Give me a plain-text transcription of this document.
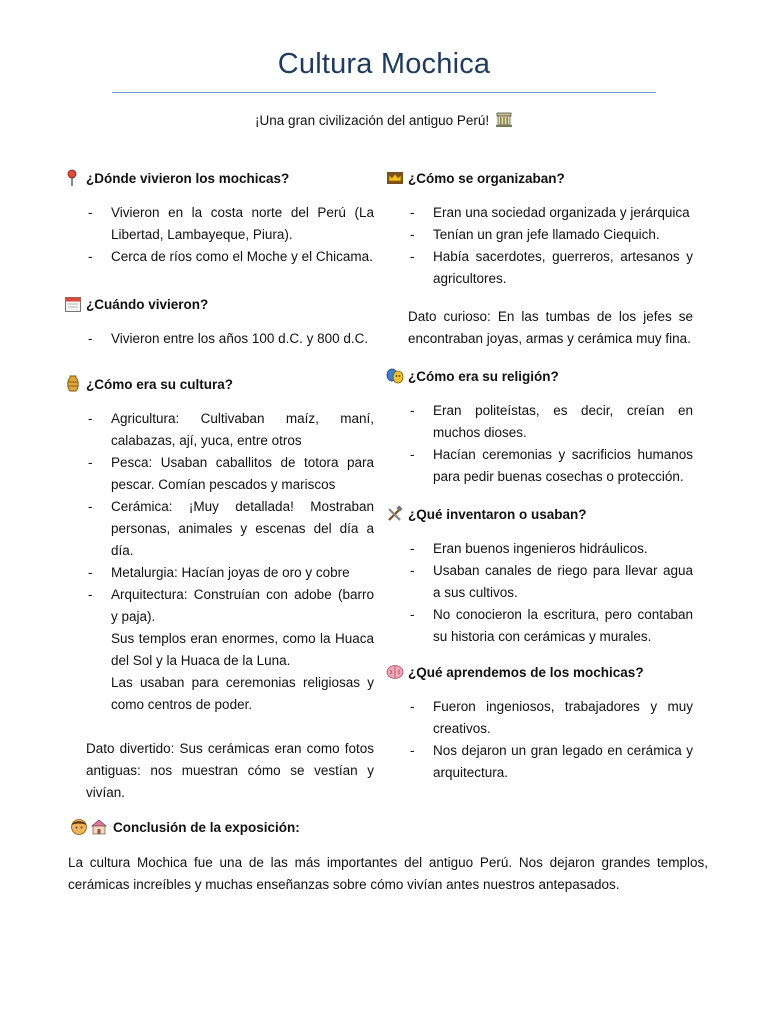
Cultura Mochica
¡Una gran civilización del antiguo Perú!
¿Dónde vivieron los mochicas?
- Vivieron en la costa norte del Perú (La Libertad, Lambayeque, Piura).
- Cerca de ríos como el Moche y el Chicama.
¿Cuándo vivieron?
- Vivieron entre los años 100 d.C. y 800 d.C.
¿Cómo era su cultura?
- Agricultura: Cultivaban maíz, maní, calabazas, ají, yuca, entre otros
- Pesca: Usaban caballitos de totora para pescar. Comían pescados y mariscos
- Cerámica: ¡Muy detallada! Mostraban personas, animales y escenas del día a día.
- Metalurgia: Hacían joyas de oro y cobre
- Arquitectura: Construían con adobe (barro y paja).
Sus templos eran enormes, como la Huaca del Sol y la Huaca de la Luna.
Las usaban para ceremonias religiosas y como centros de poder.
Dato divertido: Sus cerámicas eran como fotos antiguas: nos muestran cómo se vestían y vivían.
¿Cómo se organizaban?
- Eran una sociedad organizada y jerárquica
- Tenían un gran jefe llamado Ciequich.
- Había sacerdotes, guerreros, artesanos y agricultores.
Dato curioso: En las tumbas de los jefes se encontraban joyas, armas y cerámica muy fina.
¿Cómo era su religión?
- Eran politeístas, es decir, creían en muchos dioses.
- Hacían ceremonias y sacrificios humanos para pedir buenas cosechas o protección.
¿Qué inventaron o usaban?
- Eran buenos ingenieros hidráulicos.
- Usaban canales de riego para llevar agua a sus cultivos.
- No conocieron la escritura, pero contaban su historia con cerámicas y murales.
¿Qué aprendemos de los mochicas?
- Fueron ingeniosos, trabajadores y muy creativos.
- Nos dejaron un gran legado en cerámica y arquitectura.
Conclusión de la exposición:
La cultura Mochica fue una de las más importantes del antiguo Perú. Nos dejaron grandes templos, cerámicas increíbles y muchas enseñanzas sobre cómo vivían antes nuestros antepasados.
